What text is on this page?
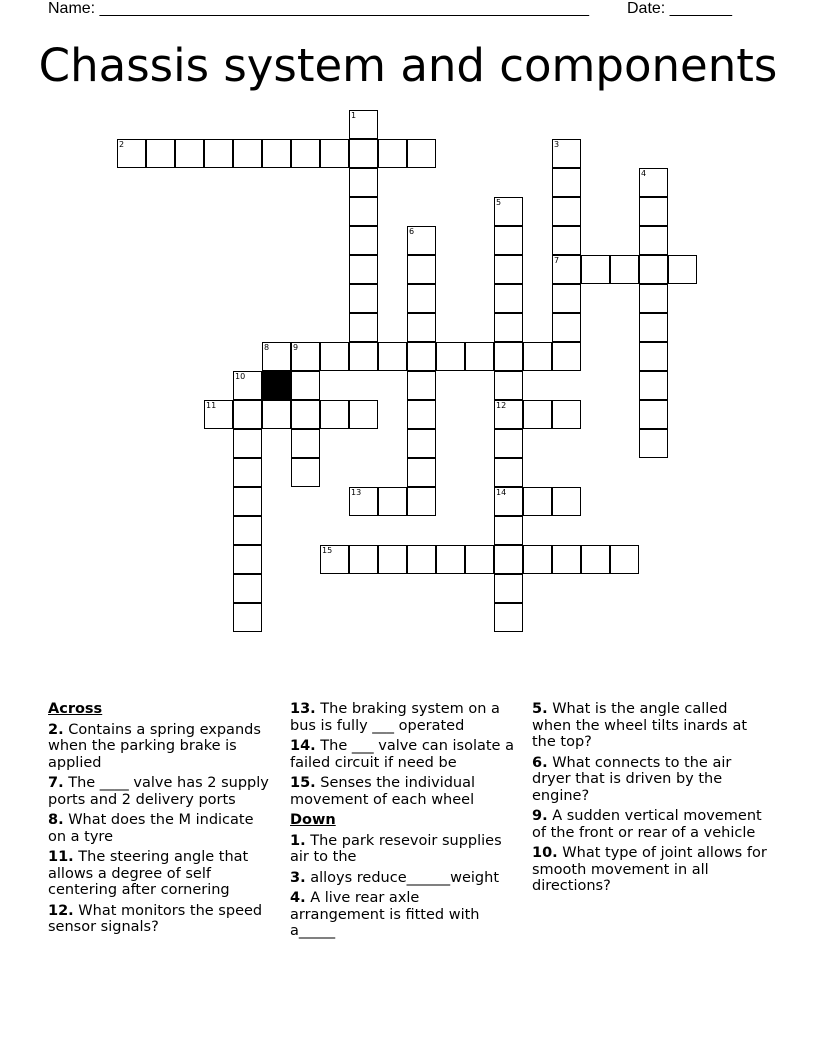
Name: _______________________________________________________ Date: _______
Chassis system and components
2
1
3
7
4
5
12
14
6
8	9
10
11
13
15
Across
2. Contains a spring expands when the parking brake is applied
7. The ____ valve has 2 supply ports and 2 delivery ports
8. What does the M indicate on a tyre
11. The steering angle that allows a degree of self centering after cornering
12. What monitors the speed sensor signals?
13. The braking system on a bus is fully ___ operated
14. The ___ valve can isolate a failed circuit if need be
15. Senses the individual movement of each wheel
Down
1. The park resevoir supplies air to the
3. alloys reduce______weight
4. A live rear axle arrangement is fitted with a_____
5. What is the angle called when the wheel tilts inards at the top?
6. What connects to the air dryer that is driven by the engine?
9. A sudden vertical movement of the front or rear of a vehicle
10. What type of joint allows for smooth movement in all directions?
